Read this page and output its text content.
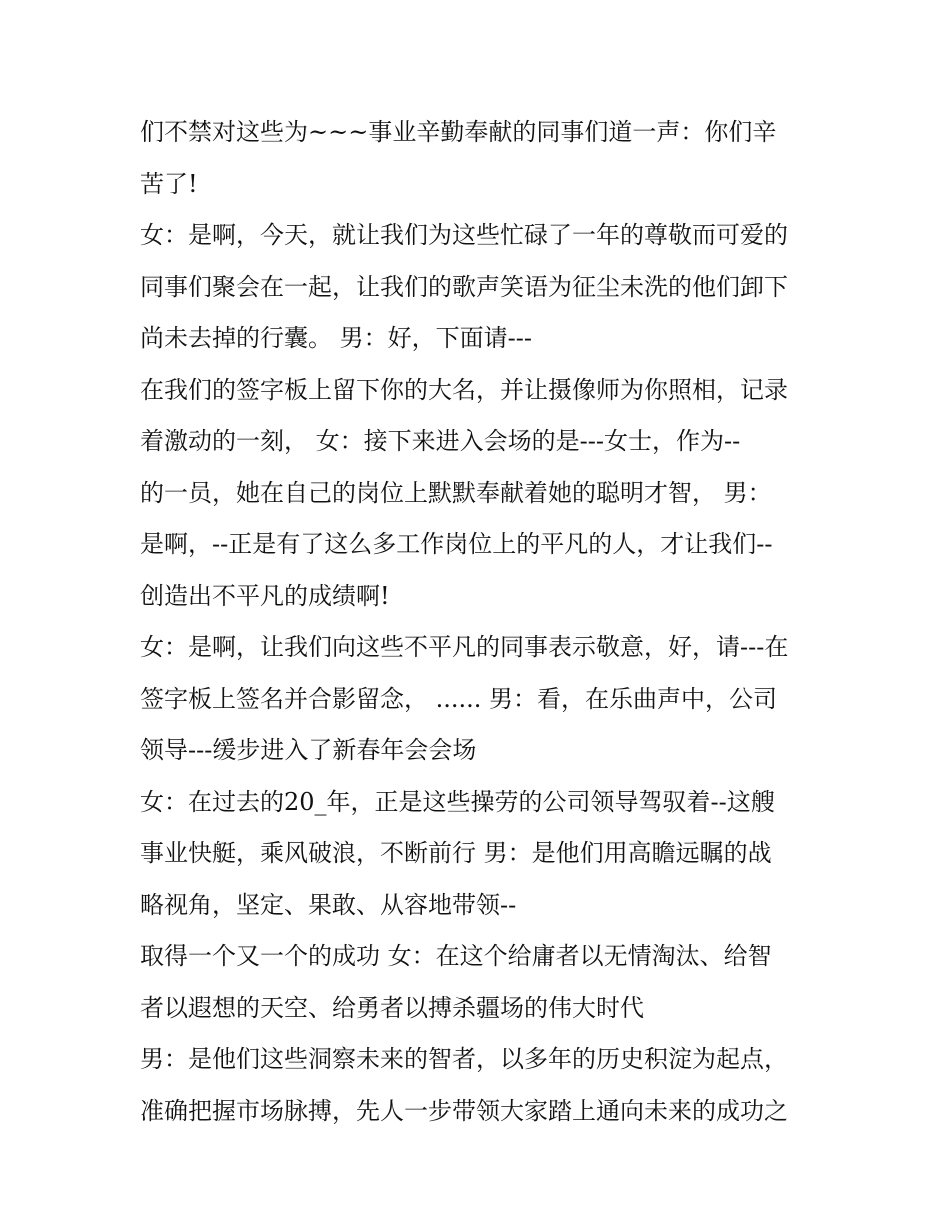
们不禁对这些为~~~事业辛勤奉献的同事们道一声：你们辛
苦了!
女：是啊，今天，就让我们为这些忙碌了一年的尊敬而可爱的
同事们聚会在一起，让我们的歌声笑语为征尘未洗的他们卸下
尚未去掉的行囊。 男：好，下面请---
在我们的签字板上留下你的大名，并让摄像师为你照相，记录
着激动的一刻， 女：接下来进入会场的是---女士，作为--
的一员，她在自己的岗位上默默奉献着她的聪明才智， 男：
是啊，--正是有了这么多工作岗位上的平凡的人，才让我们--
创造出不平凡的成绩啊!
女：是啊，让我们向这些不平凡的同事表示敬意，好，请---在
签字板上签名并合影留念， ...... 男：看，在乐曲声中，公司
领导---缓步进入了新春年会会场
女：在过去的20_年，正是这些操劳的公司领导驾驭着--这艘
事业快艇，乘风破浪，不断前行 男：是他们用高瞻远瞩的战
略视角，坚定、果敢、从容地带领--
取得一个又一个的成功 女：在这个给庸者以无情淘汰、给智
者以遐想的天空、给勇者以搏杀疆场的伟大时代
男：是他们这些洞察未来的智者，以多年的历史积淀为起点，
准确把握市场脉搏，先人一步带领大家踏上通向未来的成功之
